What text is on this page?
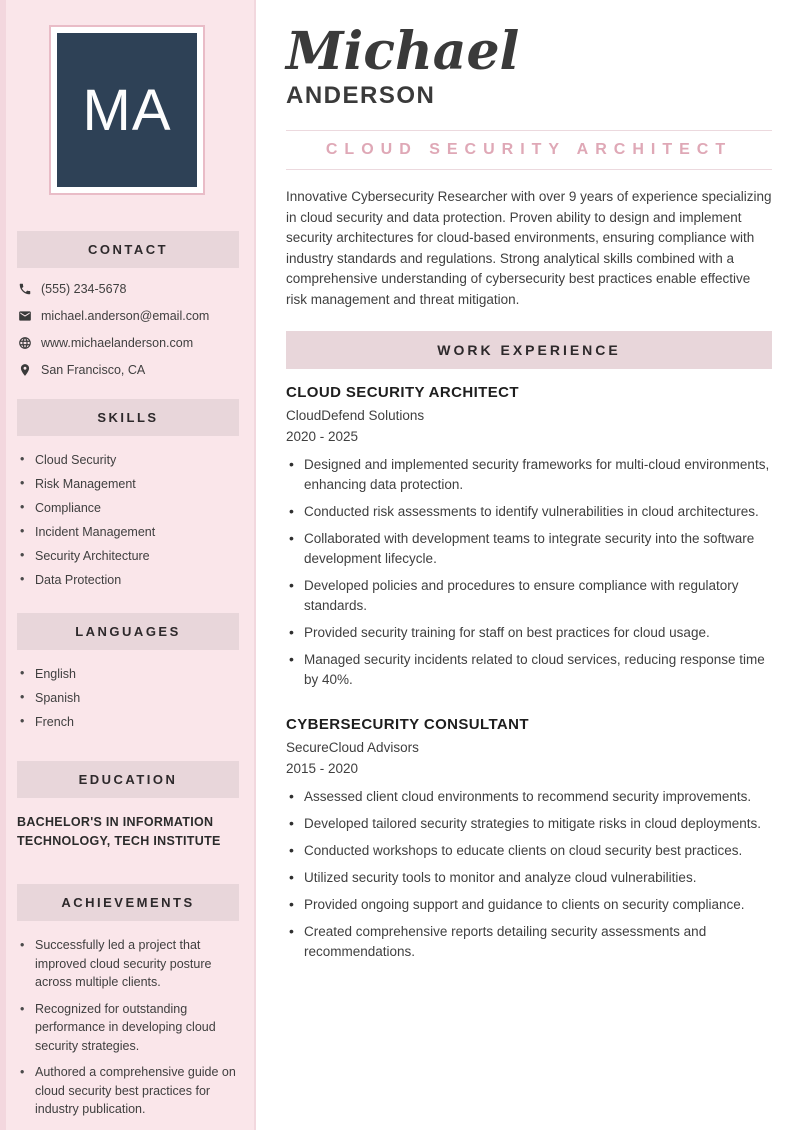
MA
CONTACT
(555) 234-5678
michael.anderson@email.com
www.michaelanderson.com
San Francisco, CA
SKILLS
• Cloud Security
• Risk Management
• Compliance
• Incident Management
• Security Architecture
• Data Protection
LANGUAGES
• English
• Spanish
• French
EDUCATION
BACHELOR'S IN INFORMATION TECHNOLOGY, TECH INSTITUTE
ACHIEVEMENTS
• Successfully led a project that improved cloud security posture across multiple clients.
• Recognized for outstanding performance in developing cloud security strategies.
• Authored a comprehensive guide on cloud security best practices for industry publication.
Michael
ANDERSON
CLOUD SECURITY ARCHITECT

Innovative Cybersecurity Researcher with over 9 years of experience specializing in cloud security and data protection. Proven ability to design and implement security architectures for cloud-based environments, ensuring compliance with industry standards and regulations. Strong analytical skills combined with a comprehensive understanding of cybersecurity best practices enable effective risk management and threat mitigation.

WORK EXPERIENCE
CLOUD SECURITY ARCHITECT
CloudDefend Solutions
2020 - 2025
• Designed and implemented security frameworks for multi-cloud environments, enhancing data protection.
• Conducted risk assessments to identify vulnerabilities in cloud architectures.
• Collaborated with development teams to integrate security into the software development lifecycle.
• Developed policies and procedures to ensure compliance with regulatory standards.
• Provided security training for staff on best practices for cloud usage.
• Managed security incidents related to cloud services, reducing response time by 40%.
CYBERSECURITY CONSULTANT
SecureCloud Advisors
2015 - 2020
• Assessed client cloud environments to recommend security improvements.
• Developed tailored security strategies to mitigate risks in cloud deployments.
• Conducted workshops to educate clients on cloud security best practices.
• Utilized security tools to monitor and analyze cloud vulnerabilities.
• Provided ongoing support and guidance to clients on security compliance.
• Created comprehensive reports detailing security assessments and recommendations.
